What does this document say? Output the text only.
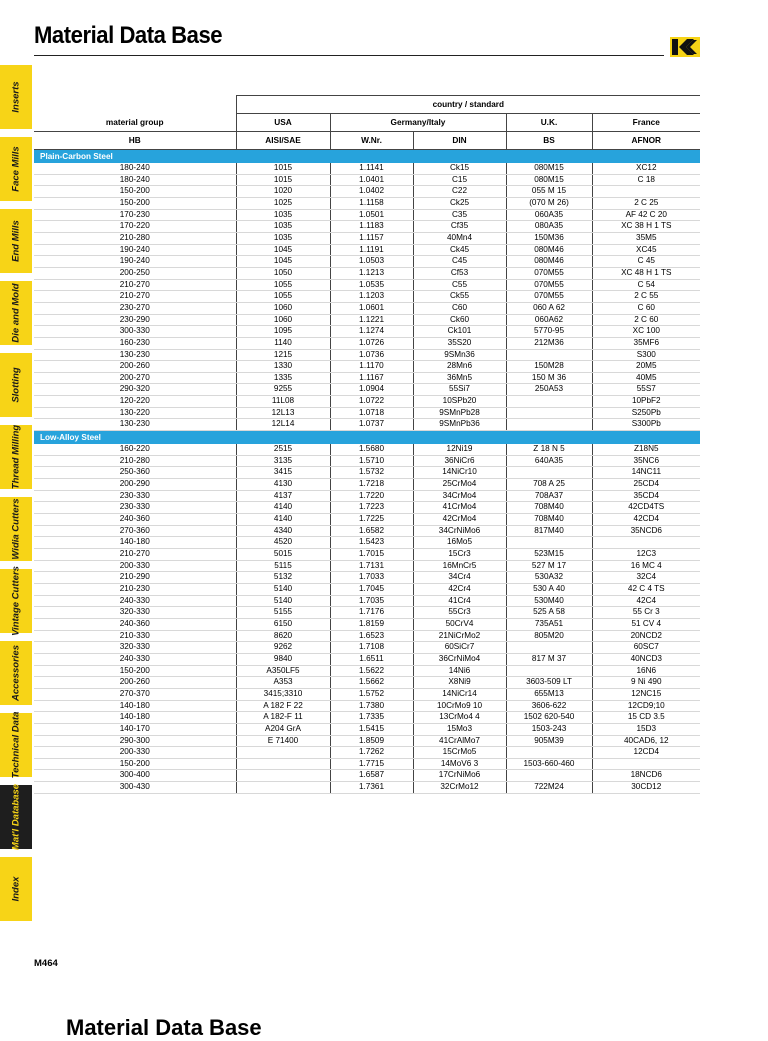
Material Data Base
Inserts
Face Mills
End Mills
Die and Mold
Slotting
Thread Milling
Widia Cutters
Vintage Cutters
Accessories
Technical Data
Mat'l Database
Index
	country / standard				
material group	USA	Germany/Italy		U.K.	France
HB	AISI/SAE	W.Nr.	DIN	BS	AFNOR
Plain-Carbon Steel					
180-240	1015	1.1141	Ck15	080M15	XC12
180-240	1015	1.0401	C15	080M15	C 18
150-200	1020	1.0402	C22	055 M 15	
150-200	1025	1.1158	Ck25	(070 M 26)	2 C 25
170-230	1035	1.0501	C35	060A35	AF 42 C 20
170-220	1035	1.1183	Cf35	080A35	XC 38 H 1 TS
210-280	1035	1.1157	40Mn4	150M36	35M5
190-240	1045	1.1191	Ck45	080M46	XC45
190-240	1045	1.0503	C45	080M46	C 45
200-250	1050	1.1213	Cf53	070M55	XC 48 H 1 TS
210-270	1055	1.0535	C55	070M55	C 54
210-270	1055	1.1203	Ck55	070M55	2 C 55
230-270	1060	1.0601	C60	060 A 62	C 60
230-290	1060	1.1221	Ck60	060A62	2 C 60
300-330	1095	1.1274	Ck101	5770-95	XC 100
160-230	1140	1.0726	35S20	212M36	35MF6
130-230	1215	1.0736	9SMn36		S300
200-260	1330	1.1170	28Mn6	150M28	20M5
200-270	1335	1.1167	36Mn5	150 M 36	40M5
290-320	9255	1.0904	55Si7	250A53	55S7
120-220	11L08	1.0722	10SPb20		10PbF2
130-220	12L13	1.0718	9SMnPb28		S250Pb
130-230	12L14	1.0737	9SMnPb36		S300Pb
Low-Alloy Steel					
160-220	2515	1.5680	12Ni19	Z 18 N 5	Z18N5
210-280	3135	1.5710	36NiCr6	640A35	35NC6
250-360	3415	1.5732	14NiCr10		14NC11
200-290	4130	1.7218	25CrMo4	708 A 25	25CD4
230-330	4137	1.7220	34CrMo4	708A37	35CD4
230-330	4140	1.7223	41CrMo4	708M40	42CD4TS
240-360	4140	1.7225	42CrMo4	708M40	42CD4
270-360	4340	1.6582	34CrNiMo6	817M40	35NCD6
140-180	4520	1.5423	16Mo5		
210-270	5015	1.7015	15Cr3	523M15	12C3
200-330	5115	1.7131	16MnCr5	527 M 17	16 MC 4
210-290	5132	1.7033	34Cr4	530A32	32C4
210-230	5140	1.7045	42Cr4	530 A 40	42 C 4 TS
240-330	5140	1.7035	41Cr4	530M40	42C4
320-330	5155	1.7176	55Cr3	525 A 58	55 Cr 3
240-360	6150	1.8159	50CrV4	735A51	51 CV 4
210-330	8620	1.6523	21NiCrMo2	805M20	20NCD2
320-330	9262	1.7108	60SiCr7		60SC7
240-330	9840	1.6511	36CrNiMo4	817 M 37	40NCD3
150-200	A350LF5	1.5622	14Ni6		16N6
200-260	A353	1.5662	X8Ni9	3603-509 LT	9 Ni 490
270-370	3415;3310	1.5752	14NiCr14	655M13	12NC15
140-180	A 182 F 22	1.7380	10CrMo9 10	3606-622	12CD9;10
140-180	A 182-F 11	1.7335	13CrMo4 4	1502 620-540	15 CD 3.5
140-170	A204 GrA	1.5415	15Mo3	1503-243	15D3
290-300	E 71400	1.8509	41CrAlMo7	905M39	40CAD6, 12
200-330		1.7262	15CrMo5		12CD4
150-200		1.7715	14MoV6 3	1503-660-460	
300-400		1.6587	17CrNiMo6		18NCD6
300-430		1.7361	32CrMo12	722M24	30CD12
M464
Material Data Base
